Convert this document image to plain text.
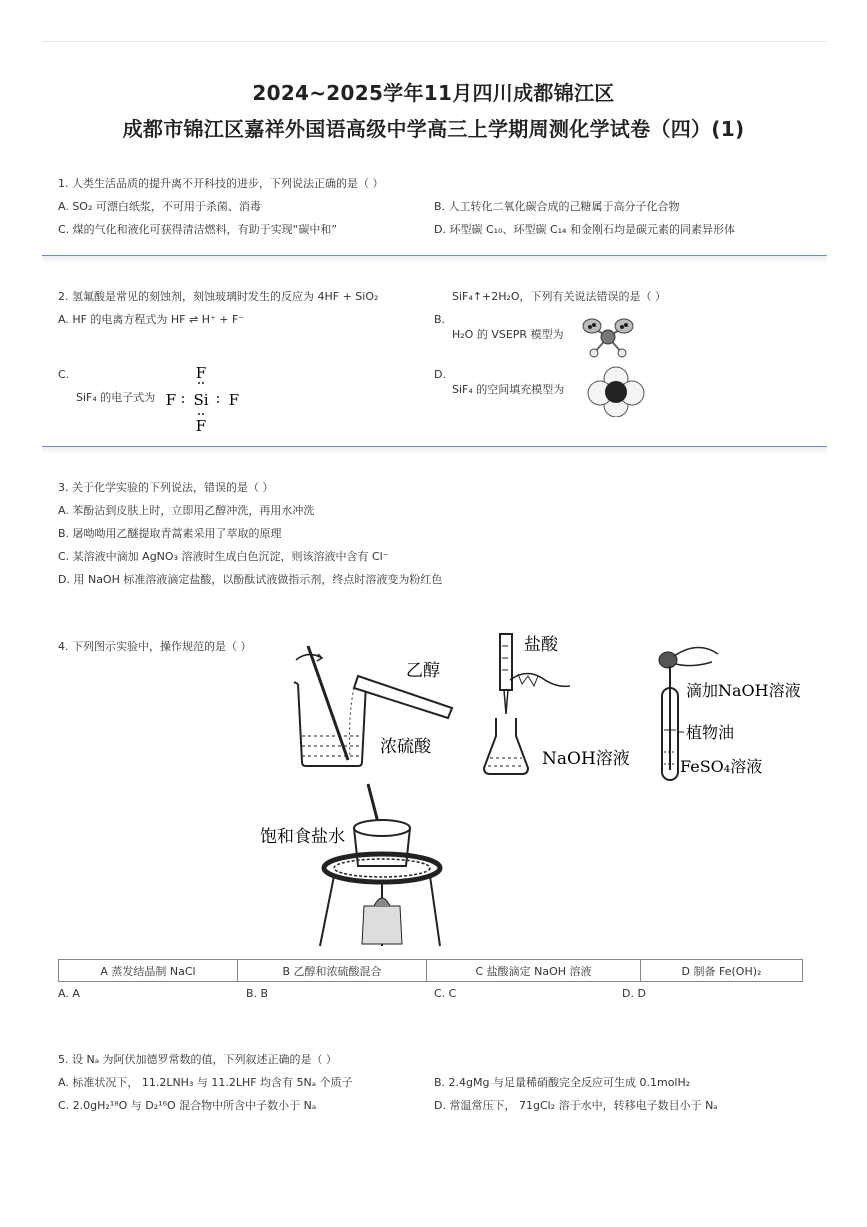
2024~2025学年11月四川成都锦江区
成都市锦江区嘉祥外国语高级中学高三上学期周测化学试卷（四）(1)
1. 人类生活品质的提升离不开科技的进步，下列说法正确的是（ ）
A. SO₂ 可漂白纸浆，不可用于杀菌、消毒	B. 人工转化二氧化碳合成的己糖属于高分子化合物
C. 煤的气化和液化可获得清洁燃料，有助于实现“碳中和”	D. 环型碳 C₁₀、环型碳 C₁₄ 和金刚石均是碳元素的同素异形体
2. 氢氟酸是常见的刻蚀剂，刻蚀玻璃时发生的反应为 4HF + SiO₂	SiF₄↑+2H₂O，下列有关说法错误的是（ ）
A. HF 的电离方程式为 HF ⇌ H⁺ + F⁻	B.
H₂O 的 VSEPR 模型为
C.
SiF₄ 的电子式为
F
F Si F
F
D.
SiF₄ 的空间填充模型为
3. 关于化学实验的下列说法，错误的是（ ）
A. 苯酚沾到皮肤上时，立即用乙醇冲洗，再用水冲洗
B. 屠呦呦用乙醚提取青蒿素采用了萃取的原理
C. 某溶液中滴加 AgNO₃ 溶液时生成白色沉淀，则该溶液中含有 Cl⁻
D. 用 NaOH 标准溶液滴定盐酸，以酚酞试液做指示剂，终点时溶液变为粉红色
4. 下列图示实验中，操作规范的是（ ）
乙醇
浓硫酸
盐酸
NaOH溶液
滴加NaOH溶液
植物油
FeSO₄溶液
饱和食盐水
A 蒸发结晶制 NaCl	B 乙醇和浓硫酸混合	C 盐酸滴定 NaOH 溶液	D 制备 Fe(OH)₂
A. A	B. B	C. C	D. D
5. 设 Nₐ 为阿伏加德罗常数的值，下列叙述正确的是（ ）
A. 标准状况下， 11.2LNH₃ 与 11.2LHF 均含有 5Nₐ 个质子	B. 2.4gMg 与足量稀硝酸完全反应可生成 0.1molH₂
C. 2.0gH₂¹⁸O 与 D₂¹⁶O 混合物中所含中子数小于 Nₐ	D. 常温常压下， 71gCl₂ 溶于水中，转移电子数目小于 Nₐ
